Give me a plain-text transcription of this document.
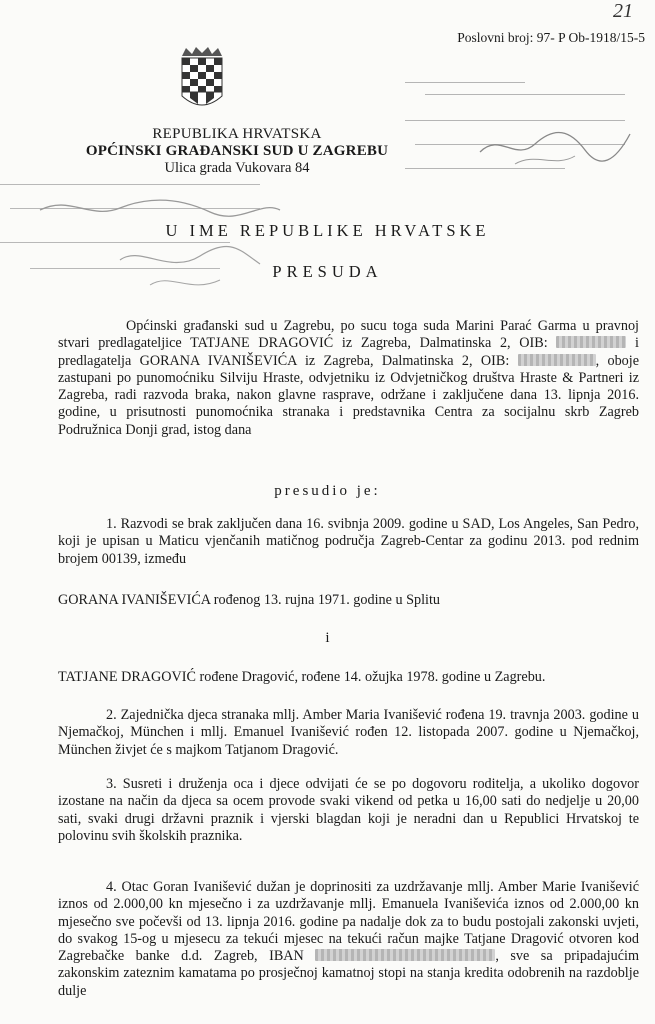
21
Poslovni broj: 97- P Ob-1918/15-5
REPUBLIKA HRVATSKA
OPĆINSKI GRAĐANSKI SUD U ZAGREBU
Ulica grada Vukovara 84
U IME REPUBLIKE HRVATSKE
PRESUDA
Općinski građanski sud u Zagrebu, po sucu toga suda Marini Parać Garma u pravnoj stvari predlagateljice TATJANE DRAGOVIĆ iz Zagreba, Dalmatinska 2, OIB:	i predlagatelja GORANA IVANIŠEVIĆA iz Zagreba, Dalmatinska 2, OIB:	, oboje zastupani po punomoćniku Silviju Hraste, odvjetniku iz Odvjetničkog društva Hraste & Partneri iz Zagreba, radi razvoda braka, nakon glavne rasprave, održane i zaključene dana 13. lipnja 2016. godine, u prisutnosti punomoćnika stranaka i predstavnika Centra za socijalnu skrb Zagreb Podružnica Donji grad, istog dana
presudio je:
1. Razvodi se brak zaključen dana 16. svibnja 2009. godine u SAD, Los Angeles, San Pedro, koji je upisan u Maticu vjenčanih matičnog područja Zagreb-Centar za godinu 2013. pod rednim brojem 00139, između
GORANA IVANIŠEVIĆA rođenog 13. rujna 1971. godine u Splitu
i
TATJANE DRAGOVIĆ rođene Dragović, rođene 14. ožujka 1978. godine u Zagrebu.
2. Zajednička djeca stranaka mllj. Amber Maria Ivanišević rođena 19. travnja 2003. godine u Njemačkoj, München i mllj. Emanuel Ivanišević rođen 12. listopada 2007. godine u Njemačkoj, München živjet će s majkom Tatjanom Dragović.
3. Susreti i druženja oca i djece odvijati će se po dogovoru roditelja, a ukoliko dogovor izostane na način da djeca sa ocem provode svaki vikend od petka u 16,00 sati do nedjelje u 20,00 sati, svaki drugi državni praznik i vjerski blagdan koji je neradni dan u Republici Hrvatskoj te polovinu svih školskih praznika.
4. Otac Goran Ivanišević dužan je doprinositi za uzdržavanje mllj. Amber Marie Ivanišević iznos od 2.000,00 kn mjesečno i za uzdržavanje mllj. Emanuela Ivaniševića iznos od 2.000,00 kn mjesečno sve počevši od 13. lipnja 2016. godine pa nadalje dok za to budu postojali zakonski uvjeti, do svakog 15-og u mjesecu za tekući mjesec na tekući račun majke Tatjane Dragović otvoren kod Zagrebačke banke d.d. Zagreb, IBAN	, sve sa pripadajućim zakonskim zateznim kamatama po prosječnoj kamatnoj stopi na stanja kredita odobrenih na razdoblje dulje
